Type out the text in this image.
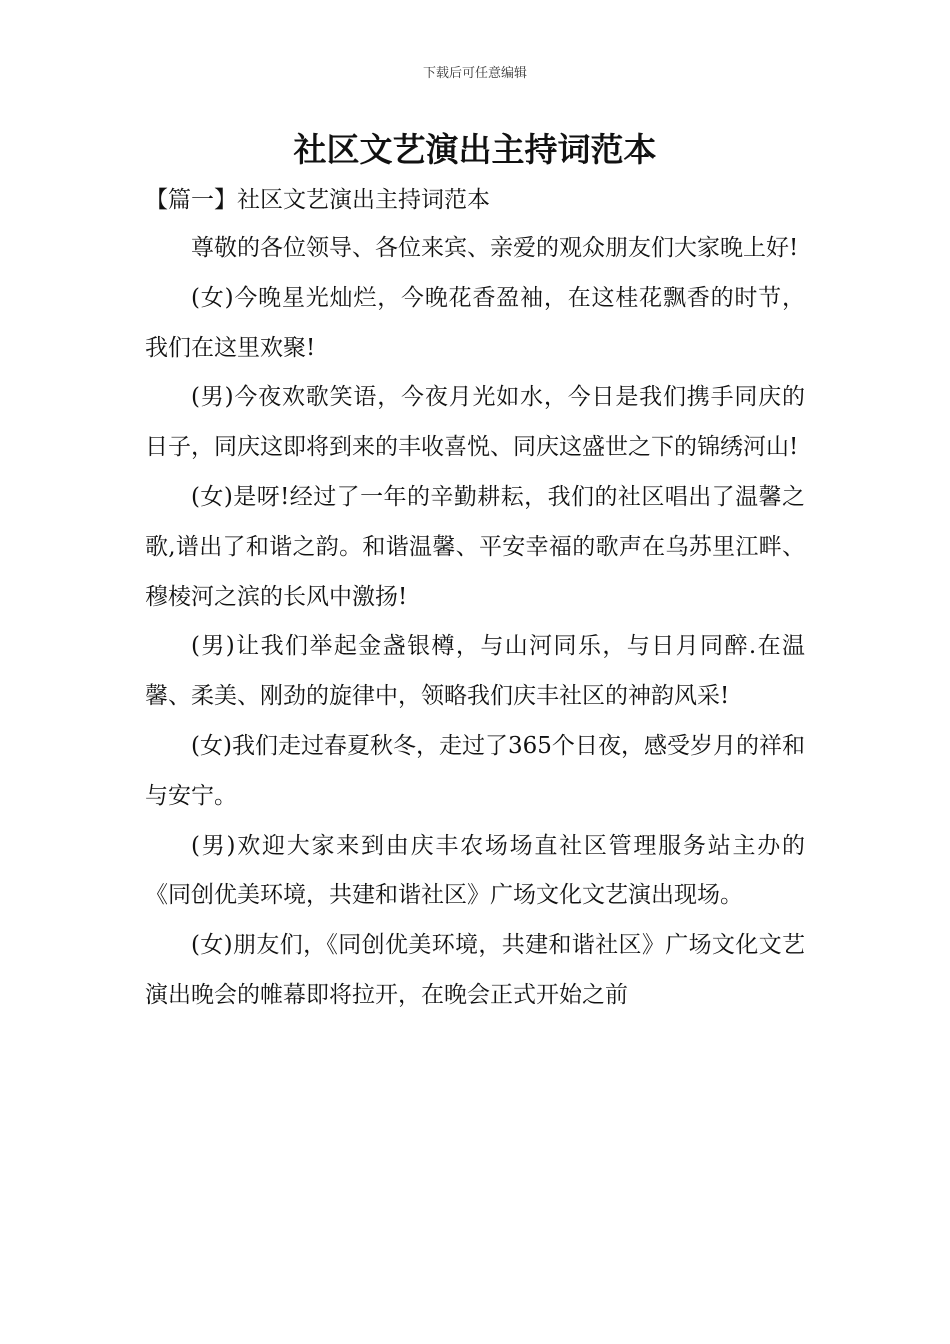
下载后可任意编辑
社区文艺演出主持词范本
【篇一】社区文艺演出主持词范本

尊敬的各位领导、各位来宾、亲爱的观众朋友们大家晚上好!

(女)今晚星光灿烂，今晚花香盈袖，在这桂花飘香的时节，我们在这里欢聚!

(男)今夜欢歌笑语，今夜月光如水，今日是我们携手同庆的日子，同庆这即将到来的丰收喜悦、同庆这盛世之下的锦绣河山!

(女)是呀!经过了一年的辛勤耕耘，我们的社区唱出了温馨之歌,谱出了和谐之韵。和谐温馨、平安幸福的歌声在乌苏里江畔、穆棱河之滨的长风中激扬!

(男)让我们举起金盏银樽，与山河同乐，与日月同醉.在温馨、柔美、刚劲的旋律中，领略我们庆丰社区的神韵风采!

(女)我们走过春夏秋冬，走过了365个日夜，感受岁月的祥和与安宁。

(男)欢迎大家来到由庆丰农场场直社区管理服务站主办的《同创优美环境，共建和谐社区》广场文化文艺演出现场。

(女)朋友们，《同创优美环境，共建和谐社区》广场文化文艺演出晚会的帷幕即将拉开，在晚会正式开始之前
